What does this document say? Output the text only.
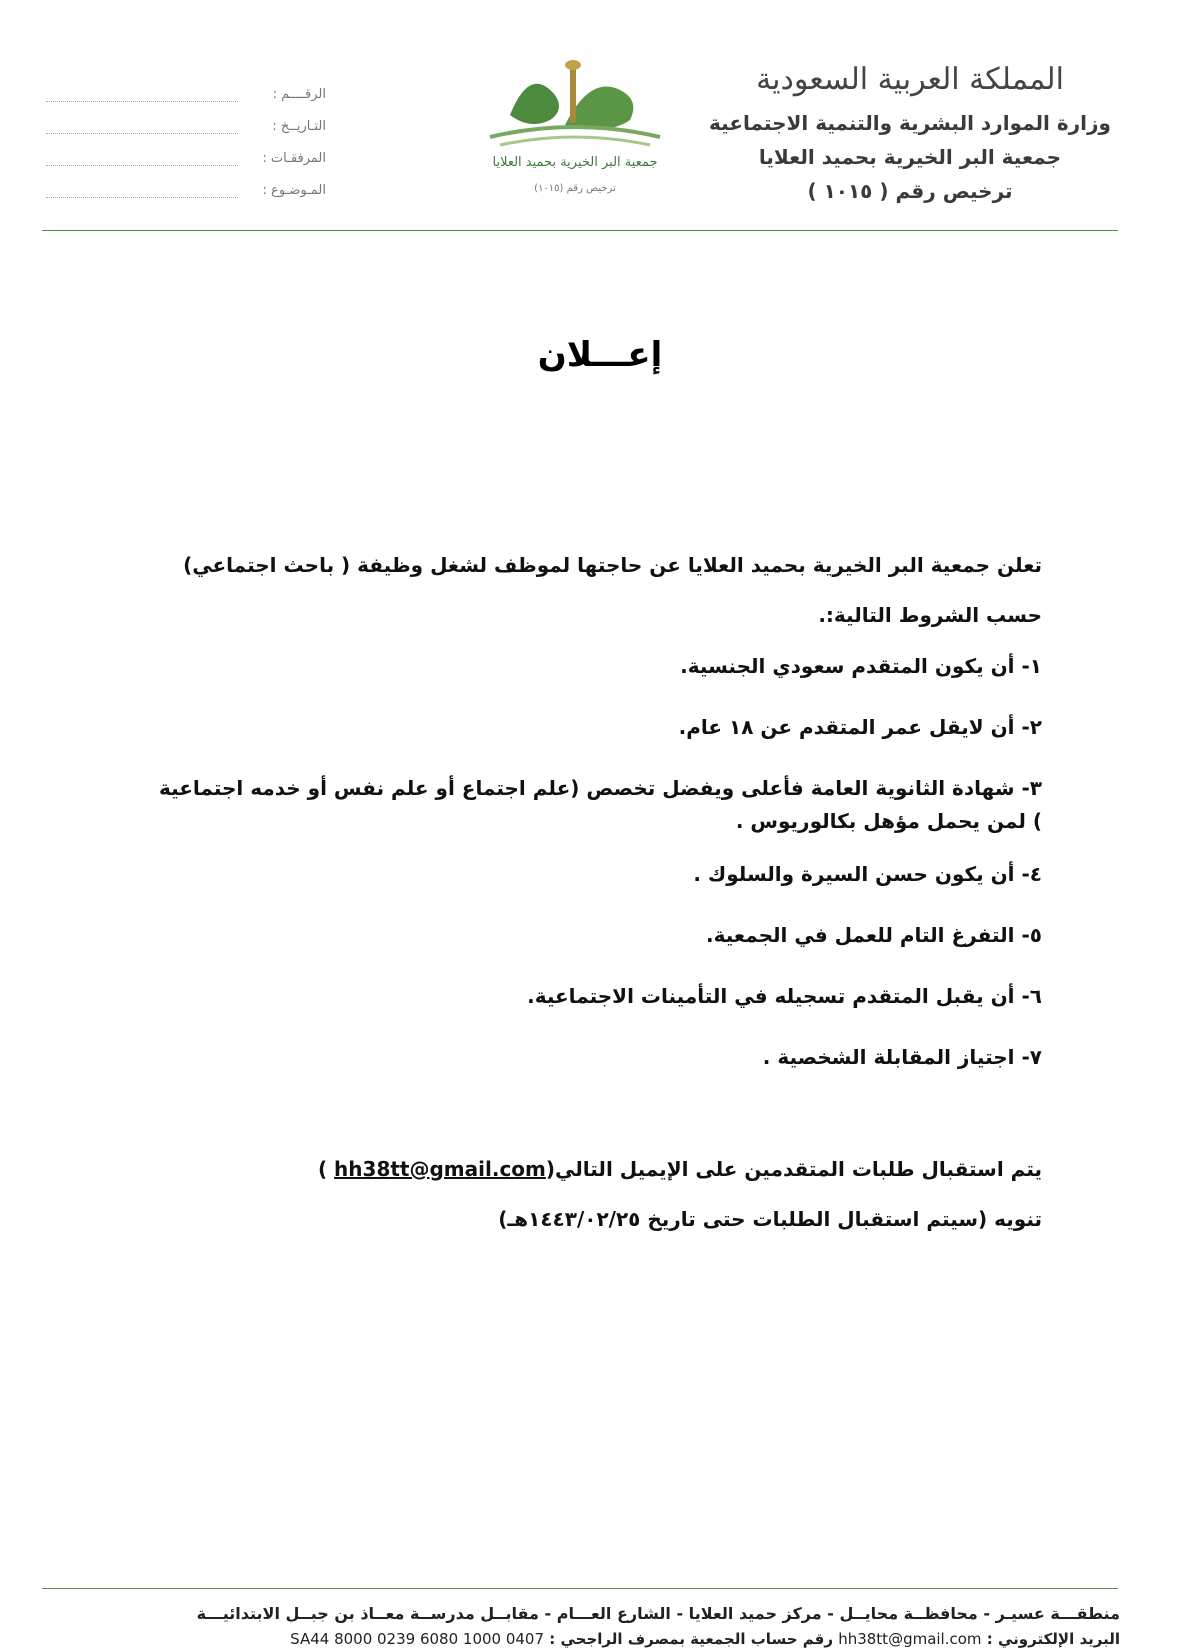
المملكة العربية السعودية
وزارة الموارد البشرية والتنمية الاجتماعية
جمعية البر الخيرية بحميد العلايا
ترخيص رقم ( ١٠١٥ )
جمعية البر الخيرية بحميد العلايا
ترخيص رقم (١٠١٥)
الرقــــم :
التـاريــخ :
المرفقـات :
المـوضـوع :
إعـــلان

تعلن جمعية البر الخيرية بحميد العلايا عن حاجتها لموظف لشغل وظيفة ( باحث اجتماعي) حسب الشروط التالية:.

١- أن يكون المتقدم سعودي الجنسية.

٢- أن لايقل عمر المتقدم عن ١٨ عام.

٣- شهادة الثانوية العامة فأعلى ويفضل تخصص (علم اجتماع أو علم نفس أو خدمه اجتماعية ) لمن يحمل مؤهل بكالوريوس .

٤- أن يكون حسن السيرة والسلوك .

٥- التفرغ التام للعمل في الجمعية.

٦- أن يقبل المتقدم تسجيله في التأمينات الاجتماعية.

٧- اجتياز المقابلة الشخصية .

يتم استقبال طلبات المتقدمين على الإيميل التالي(hh38tt@gmail.com )

تنويه (سيتم استقبال الطلبات حتى تاريخ ١٤٤٣/٠٢/٢٥هـ)

منطقـــة عسيـر - محافظــة محايــل - مركز حميد العلايا - الشارع العـــام - مقابــل مدرســة معــاذ بن جبــل الابتدائيـــة
البريد الإلكتروني : hh38tt@gmail.com رقم حساب الجمعية بمصرف الراجحي : SA44 8000 0239 6080 1000 0407
